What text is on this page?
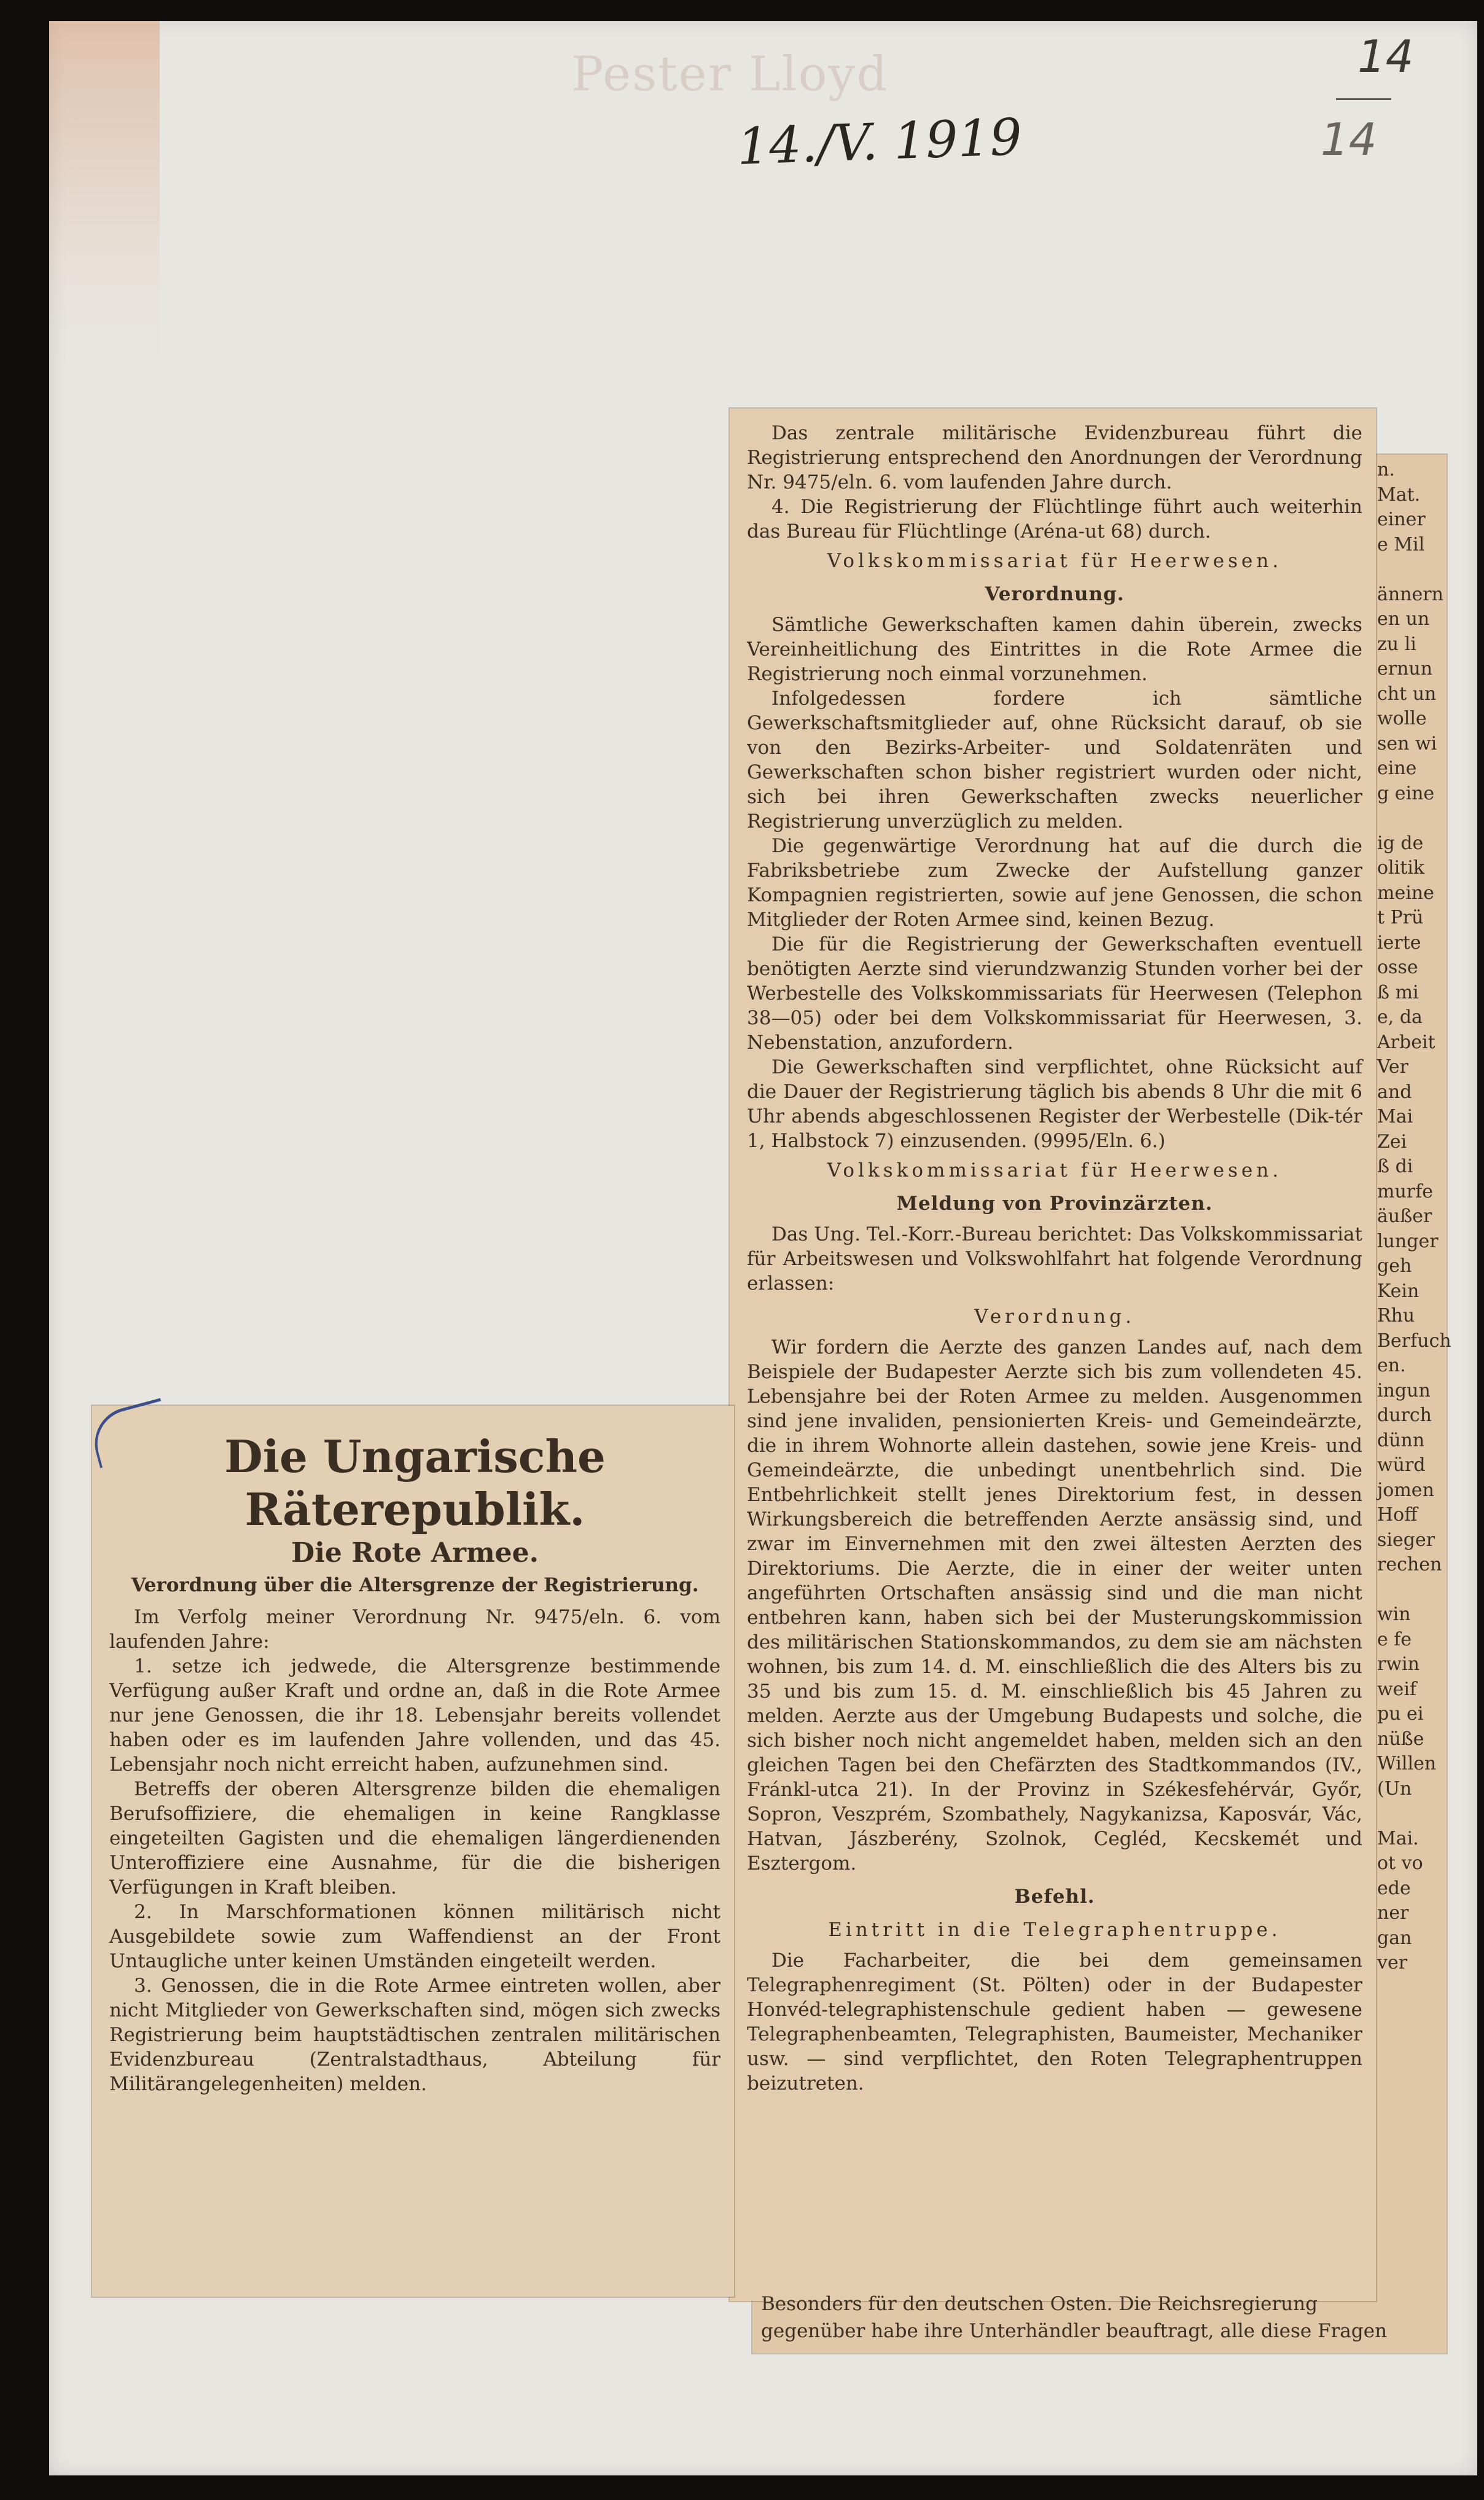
Pester Lloyd
14./V. 1919
14
14
n.
Mat.
einer
e Mil
ännern
en un
zu li
ernun
cht un
wolle
sen wi
eine
g eine
ig de
olitik
meine
t Prü
ierte
osse
ß mi
e, da
Arbeit
Ver
and
Mai
Zei
ß di
murfe
äußer
lunger
geh
Kein
Rhu
Berfuch
en.
ingun
durch
dünn
würd
jomen
Hoff
sieger
rechen
win
e fe
rwin
weif
pu ei
nüße
Willen
(Un
Mai.
ot vo
ede
ner
gan
ver

Das zentrale militärische Evidenzbureau führt die Registrierung entsprechend den Anordnungen der Verordnung Nr. 9475/eln. 6. vom laufenden Jahre durch.

4. Die Registrierung der Flüchtlinge führt auch weiterhin das Bureau für Flüchtlinge (Aréna-ut 68) durch.

Volkskommissariat für Heerwesen.
Verordnung.

Sämtliche Gewerkschaften kamen dahin überein, zwecks Vereinheitlichung des Eintrittes in die Rote Armee die Registrierung noch einmal vorzunehmen.

Infolgedessen fordere ich sämtliche Gewerkschaftsmitglieder auf, ohne Rücksicht darauf, ob sie von den Bezirks-Arbeiter- und Soldatenräten und Gewerkschaften schon bisher registriert wurden oder nicht, sich bei ihren Gewerkschaften zwecks neuerlicher Registrierung unverzüglich zu melden.

Die gegenwärtige Verordnung hat auf die durch die Fabriksbetriebe zum Zwecke der Aufstellung ganzer Kompagnien registrierten, sowie auf jene Genossen, die schon Mitglieder der Roten Armee sind, keinen Bezug.

Die für die Registrierung der Gewerkschaften eventuell benötigten Aerzte sind vierundzwanzig Stunden vorher bei der Werbestelle des Volkskommissariats für Heerwesen (Telephon 38—05) oder bei dem Volkskommissariat für Heerwesen, 3. Nebenstation, anzufordern.

Die Gewerkschaften sind verpflichtet, ohne Rücksicht auf die Dauer der Registrierung täglich bis abends 8 Uhr die mit 6 Uhr abends abgeschlossenen Register der Werbestelle (Dik-tér 1, Halbstock 7) einzusenden. (9995/Eln. 6.)

Volkskommissariat für Heerwesen.
Meldung von Provinzärzten.

Das Ung. Tel.-Korr.-Bureau berichtet: Das Volkskommissariat für Arbeitswesen und Volkswohlfahrt hat folgende Verordnung erlassen:

Verordnung.

Wir fordern die Aerzte des ganzen Landes auf, nach dem Beispiele der Budapester Aerzte sich bis zum vollendeten 45. Lebensjahre bei der Roten Armee zu melden. Ausgenommen sind jene invaliden, pensionierten Kreis- und Gemeindeärzte, die in ihrem Wohnorte allein dastehen, sowie jene Kreis- und Gemeindeärzte, die unbedingt unentbehrlich sind. Die Entbehrlichkeit stellt jenes Direktorium fest, in dessen Wirkungsbereich die betreffenden Aerzte ansässig sind, und zwar im Einvernehmen mit den zwei ältesten Aerzten des Direktoriums. Die Aerzte, die in einer der weiter unten angeführten Ortschaften ansässig sind und die man nicht entbehren kann, haben sich bei der Musterungskommission des militärischen Stationskommandos, zu dem sie am nächsten wohnen, bis zum 14. d. M. einschließlich die des Alters bis zu 35 und bis zum 15. d. M. einschließlich bis 45 Jahren zu melden. Aerzte aus der Umgebung Budapests und solche, die sich bisher noch nicht angemeldet haben, melden sich an den gleichen Tagen bei den Chefärzten des Stadtkommandos (IV., Fránkl-utca 21). In der Provinz in Székesfehérvár, Győr, Sopron, Veszprém, Szombathely, Nagykanizsa, Kaposvár, Vác, Hatvan, Jászberény, Szolnok, Cegléd, Kecskemét und Esztergom.

Befehl.
Eintritt in die Telegraphentruppe.

Die Facharbeiter, die bei dem gemeinsamen Telegraphenregiment (St. Pölten) oder in der Budapester Honvéd-telegraphistenschule gedient haben — gewesene Telegraphenbeamten, Telegraphisten, Baumeister, Mechaniker usw. — sind verpflichtet, den Roten Telegraphentruppen beizutreten.

Besonders für den deutschen Osten. Die Reichsregierung
gegenüber habe ihre Unterhändler beauftragt, alle diese Fragen
Die Ungarische Räterepublik.
Die Rote Armee.
Verordnung über die Altersgrenze der Registrierung.

Im Verfolg meiner Verordnung Nr. 9475/eln. 6. vom laufenden Jahre:

1. setze ich jedwede, die Altersgrenze bestimmende Verfügung außer Kraft und ordne an, daß in die Rote Armee nur jene Genossen, die ihr 18. Lebensjahr bereits vollendet haben oder es im laufenden Jahre vollenden, und das 45. Lebensjahr noch nicht erreicht haben, aufzunehmen sind.

Betreffs der oberen Altersgrenze bilden die ehemaligen Berufsoffiziere, die ehemaligen in keine Rangklasse eingeteilten Gagisten und die ehemaligen längerdienenden Unteroffiziere eine Ausnahme, für die die bisherigen Verfügungen in Kraft bleiben.

2. In Marschformationen können militärisch nicht Ausgebildete sowie zum Waffendienst an der Front Untaugliche unter keinen Umständen eingeteilt werden.

3. Genossen, die in die Rote Armee eintreten wollen, aber nicht Mitglieder von Gewerkschaften sind, mögen sich zwecks Registrierung beim hauptstädtischen zentralen militärischen Evidenzbureau (Zentralstadthaus, Abteilung für Militärangelegenheiten) melden.
